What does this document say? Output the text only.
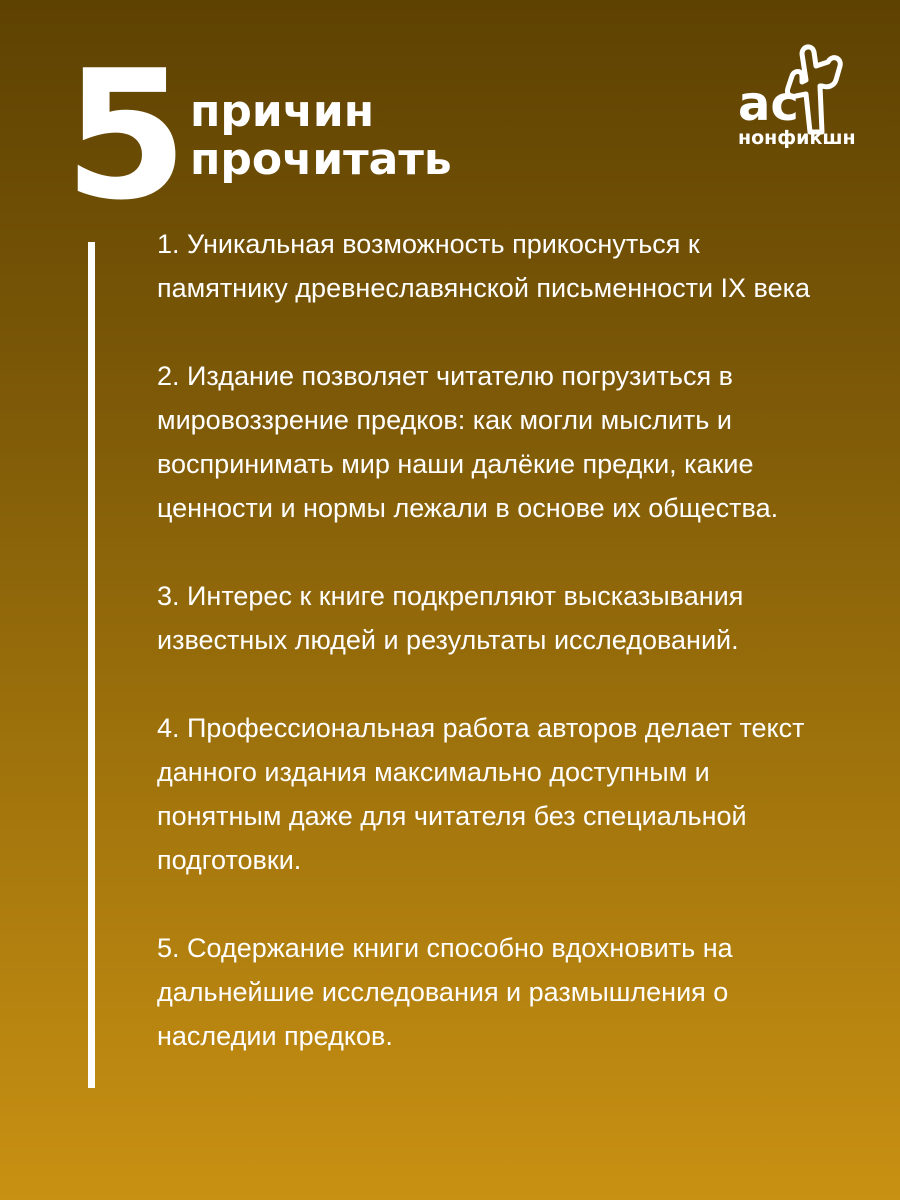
5 причин
прочитать
ас
нонфикшн
1. Уникальная возможность прикоснуться к памятнику древнеславянской письменности IX века
2. Издание позволяет читателю погрузиться в мировоззрение предков: как могли мыслить и воспринимать мир наши далёкие предки, какие ценности и нормы лежали в основе их общества.
3. Интерес к книге подкрепляют высказывания известных людей и результаты исследований.
4. Профессиональная работа авторов делает текст данного издания максимально доступным и понятным даже для читателя без специальной подготовки.
5. Содержание книги способно вдохновить на дальнейшие исследования и размышления о наследии предков.
